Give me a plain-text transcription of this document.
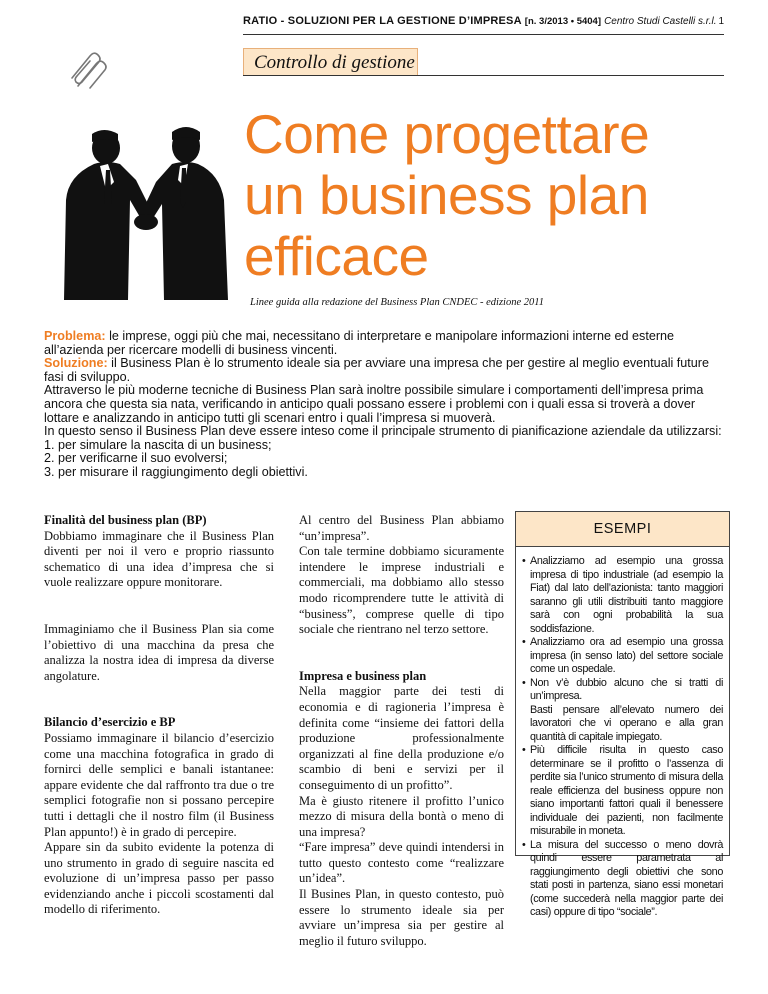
RATIO - SOLUZIONI PER LA GESTIONE D’IMPRESA [n. 3/2013 • 5404] Centro Studi Castelli s.r.l. 1
Controllo di gestione
Come progettare
un business plan
efficace
Linee guida alla redazione del Business Plan CNDEC - edizione 2011

Problema: le imprese, oggi più che mai, necessitano di interpretare e manipolare informazioni interne ed esterne all’azienda per ricercare modelli di business vincenti.

Soluzione: il Business Plan è lo strumento ideale sia per avviare una impresa che per gestire al meglio eventuali future fasi di sviluppo.

Attraverso le più moderne tecniche di Business Plan sarà inoltre possibile simulare i comportamenti dell’impresa prima ancora che questa sia nata, verificando in anticipo quali possano essere i problemi con i quali essa si troverà a dover lottare e analizzando in anticipo tutti gli scenari entro i quali l’impresa si muoverà.

In questo senso il Business Plan deve essere inteso come il principale strumento di pianificazione aziendale da utilizzarsi:

1. per simulare la nascita di un business;
2. per verificarne il suo evolversi;
3. per misurare il raggiungimento degli obiettivi.
Finalità del business plan (BP)

Dobbiamo immaginare che il Business Plan diventi per noi il vero e proprio riassunto schematico di una idea d’impresa che si vuole realizzare oppure monitorare.

Immaginiamo che il Business Plan sia come l’obiettivo di una macchina da presa che analizza la nostra idea di impresa da diverse angolature.

Bilancio d’esercizio e BP

Possiamo immaginare il bilancio d’esercizio come una macchina fotografica in grado di fornirci delle semplici e banali istantanee: appare evidente che dal raffronto tra due o tre semplici fotografie non si possano percepire tutti i dettagli che il nostro film (il Business Plan appunto!) è in grado di percepire.

Appare sin da subito evidente la potenza di uno strumento in grado di seguire nascita ed evoluzione di un’impresa passo per passo evidenziando anche i piccoli scostamenti dal modello di riferimento.

Al centro del Business Plan abbiamo “un’impresa”.

Con tale termine dobbiamo sicuramente intendere le imprese industriali e commerciali, ma dobbiamo allo stesso modo ricomprendere tutte le attività di “business”, comprese quelle di tipo sociale che rientrano nel terzo settore.

Impresa e business plan

Nella maggior parte dei testi di economia e di ragioneria l’impresa è definita come “insieme dei fattori della produzione professionalmente organizzati al fine della produzione e/o scambio di beni e servizi per il conseguimento di un profitto”.

Ma è giusto ritenere il profitto l’unico mezzo di misura della bontà o meno di una impresa?

“Fare impresa” deve quindi intendersi in tutto questo contesto come “realizzare un’idea”.

Il Busines Plan, in questo contesto, può essere lo strumento ideale sia per avviare un’impresa sia per gestire al meglio il futuro sviluppo.

ESEMPI
• Analizziamo ad esempio una grossa impresa di tipo industriale (ad esempio la Fiat) dal lato dell’azionista: tanto maggiori saranno gli utili distribuiti tanto maggiore sarà con ogni probabilità la sua soddisfazione.
• Analizziamo ora ad esempio una grossa impresa (in senso lato) del settore sociale come un ospedale.
• Non v’è dubbio alcuno che si tratti di un’impresa.
Basti pensare all’elevato numero dei lavoratori che vi operano e alla gran quantità di capitale impiegato.
• Più difficile risulta in questo caso determinare se il profitto o l’assenza di perdite sia l’unico strumento di misura della reale efficienza del business oppure non siano importanti fattori quali il benessere individuale dei pazienti, non facilmente misurabile in moneta.
• La misura del successo o meno dovrà quindi essere parametrata al raggiungimento degli obiettivi che sono stati posti in partenza, siano essi monetari (come succederà nella maggior parte dei casi) oppure di tipo “sociale”.
